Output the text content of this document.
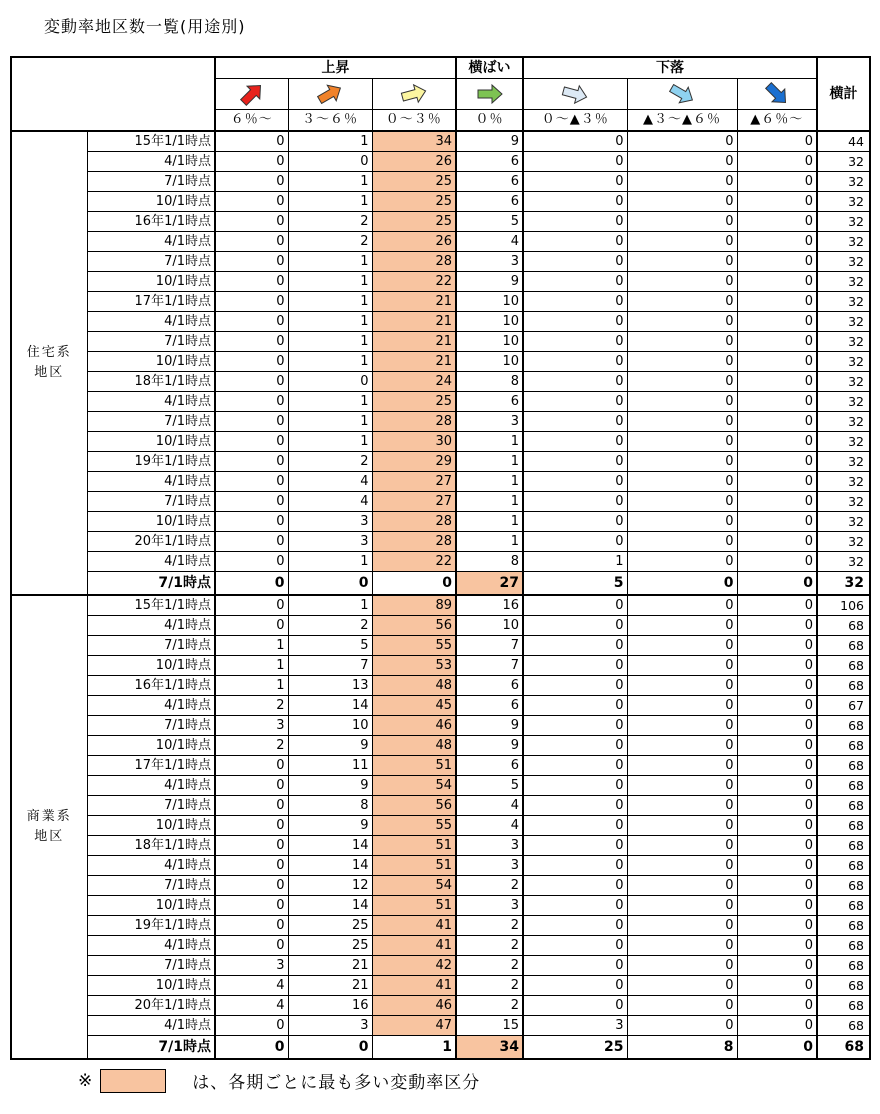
変動率地区数一覧(用途別)
		上昇			横ばい	下落			横計

		６％～	３～６％	０～３％	０％	０～▲３％	▲３～▲６％	▲６％～	

住宅系
地区	15年1/1時点	0	1	34	9	0	0	0	44
	4/1時点	0	0	26	6	0	0	0	32
	7/1時点	0	1	25	6	0	0	0	32
	10/1時点	0	1	25	6	0	0	0	32
	16年1/1時点	0	2	25	5	0	0	0	32
	4/1時点	0	2	26	4	0	0	0	32
	7/1時点	0	1	28	3	0	0	0	32
	10/1時点	0	1	22	9	0	0	0	32
	17年1/1時点	0	1	21	10	0	0	0	32
	4/1時点	0	1	21	10	0	0	0	32
	7/1時点	0	1	21	10	0	0	0	32
	10/1時点	0	1	21	10	0	0	0	32
	18年1/1時点	0	0	24	8	0	0	0	32
	4/1時点	0	1	25	6	0	0	0	32
	7/1時点	0	1	28	3	0	0	0	32
	10/1時点	0	1	30	1	0	0	0	32
	19年1/1時点	0	2	29	1	0	0	0	32
	4/1時点	0	4	27	1	0	0	0	32
	7/1時点	0	4	27	1	0	0	0	32
	10/1時点	0	3	28	1	0	0	0	32
	20年1/1時点	0	3	28	1	0	0	0	32
	4/1時点	0	1	22	8	1	0	0	32
	7/1時点	0	0	0	27	5	0	0	32

商業系
地区	15年1/1時点	0	1	89	16	0	0	0	106
	4/1時点	0	2	56	10	0	0	0	68
	7/1時点	1	5	55	7	0	0	0	68
	10/1時点	1	7	53	7	0	0	0	68
	16年1/1時点	1	13	48	6	0	0	0	68
	4/1時点	2	14	45	6	0	0	0	67
	7/1時点	3	10	46	9	0	0	0	68
	10/1時点	2	9	48	9	0	0	0	68
	17年1/1時点	0	11	51	6	0	0	0	68
	4/1時点	0	9	54	5	0	0	0	68
	7/1時点	0	8	56	4	0	0	0	68
	10/1時点	0	9	55	4	0	0	0	68
	18年1/1時点	0	14	51	3	0	0	0	68
	4/1時点	0	14	51	3	0	0	0	68
	7/1時点	0	12	54	2	0	0	0	68
	10/1時点	0	14	51	3	0	0	0	68
	19年1/1時点	0	25	41	2	0	0	0	68
	4/1時点	0	25	41	2	0	0	0	68
	7/1時点	3	21	42	2	0	0	0	68
	10/1時点	4	21	41	2	0	0	0	68
	20年1/1時点	4	16	46	2	0	0	0	68
	4/1時点	0	3	47	15	3	0	0	68
	7/1時点	0	0	1	34	25	8	0	68
※	は、各期ごとに最も多い変動率区分
